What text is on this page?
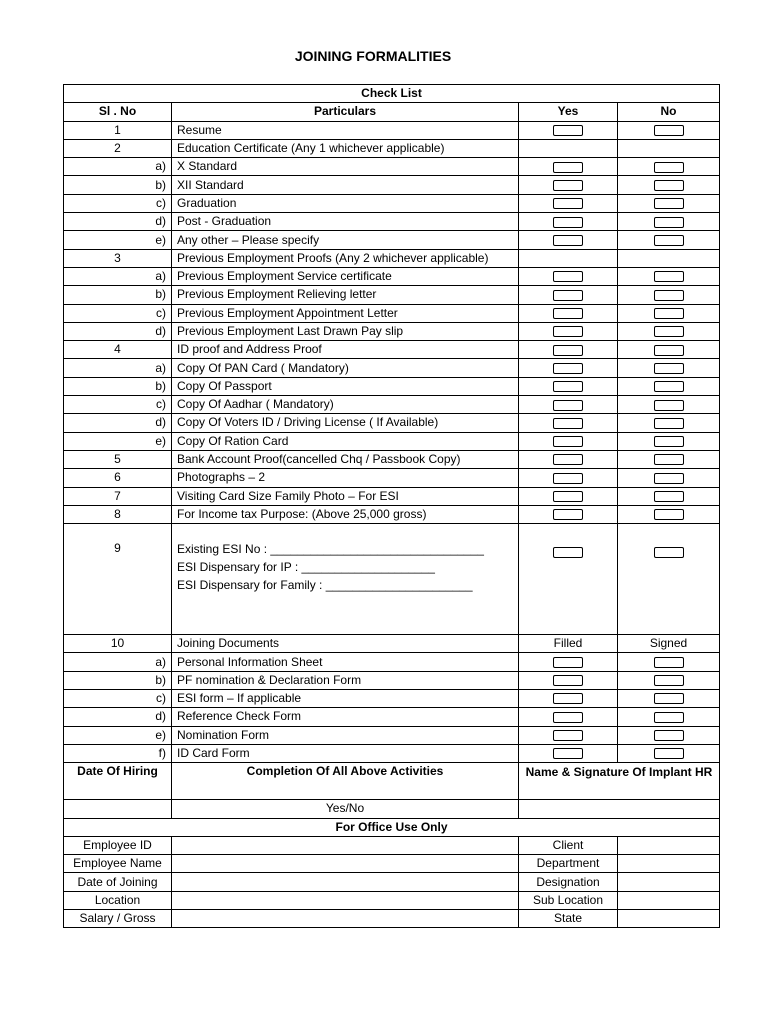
JOINING FORMALITIES
Check List			
Sl . No	Particulars	Yes	No
1	Resume		
2	Education Certificate (Any 1 whichever applicable)		
a)	X Standard		
b)	XII Standard		
c)	Graduation		
d)	Post - Graduation		
e)	Any other – Please specify		
3	Previous Employment Proofs (Any 2 whichever applicable)		
a)	Previous Employment Service certificate		
b)	Previous Employment Relieving letter		
c)	Previous Employment Appointment Letter		
d)	Previous Employment Last Drawn Pay slip		
4	ID proof and Address Proof		
a)	Copy Of PAN Card ( Mandatory)		
b)	Copy Of Passport		
c)	Copy Of Aadhar ( Mandatory)		
d)	Copy Of Voters ID / Driving License ( If Available)		
e)	Copy Of Ration Card		
5	Bank Account Proof(cancelled Chq / Passbook Copy)		
6	Photographs – 2		
7	Visiting Card Size Family Photo – For ESI		
8	For Income tax Purpose: (Above 25,000 gross)		
9	Existing ESI No : ________________________________
ESI Dispensary for IP : ____________________
ESI Dispensary for Family : ______________________		

10	Joining Documents	Filled	Signed
a)	Personal Information Sheet		
b)	PF nomination & Declaration Form		
c)	ESI form – If applicable		
d)	Reference Check Form		
e)	Nomination Form		
f)	ID Card Form		
Date Of Hiring	Completion Of All Above Activities	Name & Signature Of Implant HR	
	Yes/No		
For Office Use Only			
Employee ID		Client	
Employee Name		Department	
Date of Joining		Designation	
Location		Sub Location	
Salary / Gross		State	
